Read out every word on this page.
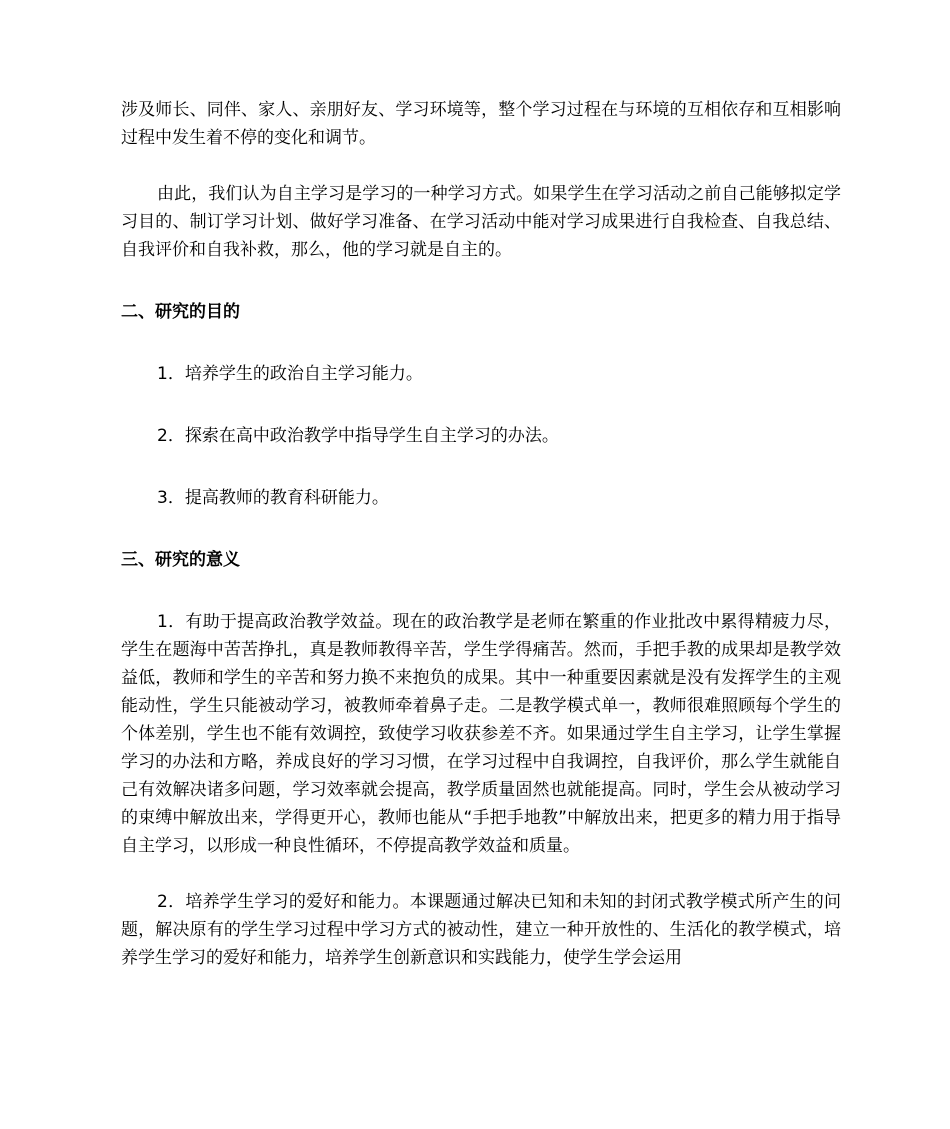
涉及师长、同伴、家人、亲朋好友、学习环境等，整个学习过程在与环境的互相依存和互相影响过程中发生着不停的变化和调节。

由此，我们认为自主学习是学习的一种学习方式。如果学生在学习活动之前自己能够拟定学习目的、制订学习计划、做好学习准备、在学习活动中能对学习成果进行自我检查、自我总结、自我评价和自我补救，那么，他的学习就是自主的。

二、研究的目的

1．培养学生的政治自主学习能力。

2．探索在高中政治教学中指导学生自主学习的办法。

3．提高教师的教育科研能力。

三、研究的意义

1．有助于提高政治教学效益。现在的政治教学是老师在繁重的作业批改中累得精疲力尽，学生在题海中苦苦挣扎，真是教师教得辛苦，学生学得痛苦。然而，手把手教的成果却是教学效益低，教师和学生的辛苦和努力换不来抱负的成果。其中一种重要因素就是没有发挥学生的主观能动性，学生只能被动学习，被教师牵着鼻子走。二是教学模式单一，教师很难照顾每个学生的个体差别，学生也不能有效调控，致使学习收获参差不齐。如果通过学生自主学习，让学生掌握学习的办法和方略，养成良好的学习习惯，在学习过程中自我调控，自我评价，那么学生就能自己有效解决诸多问题，学习效率就会提高，教学质量固然也就能提高。同时，学生会从被动学习的束缚中解放出来，学得更开心，教师也能从“手把手地教”中解放出来，把更多的精力用于指导自主学习，以形成一种良性循环，不停提高教学效益和质量。

2．培养学生学习的爱好和能力。本课题通过解决已知和未知的封闭式教学模式所产生的问题，解决原有的学生学习过程中学习方式的被动性，建立一种开放性的、生活化的教学模式，培养学生学习的爱好和能力，培养学生创新意识和实践能力，使学生学会运用
